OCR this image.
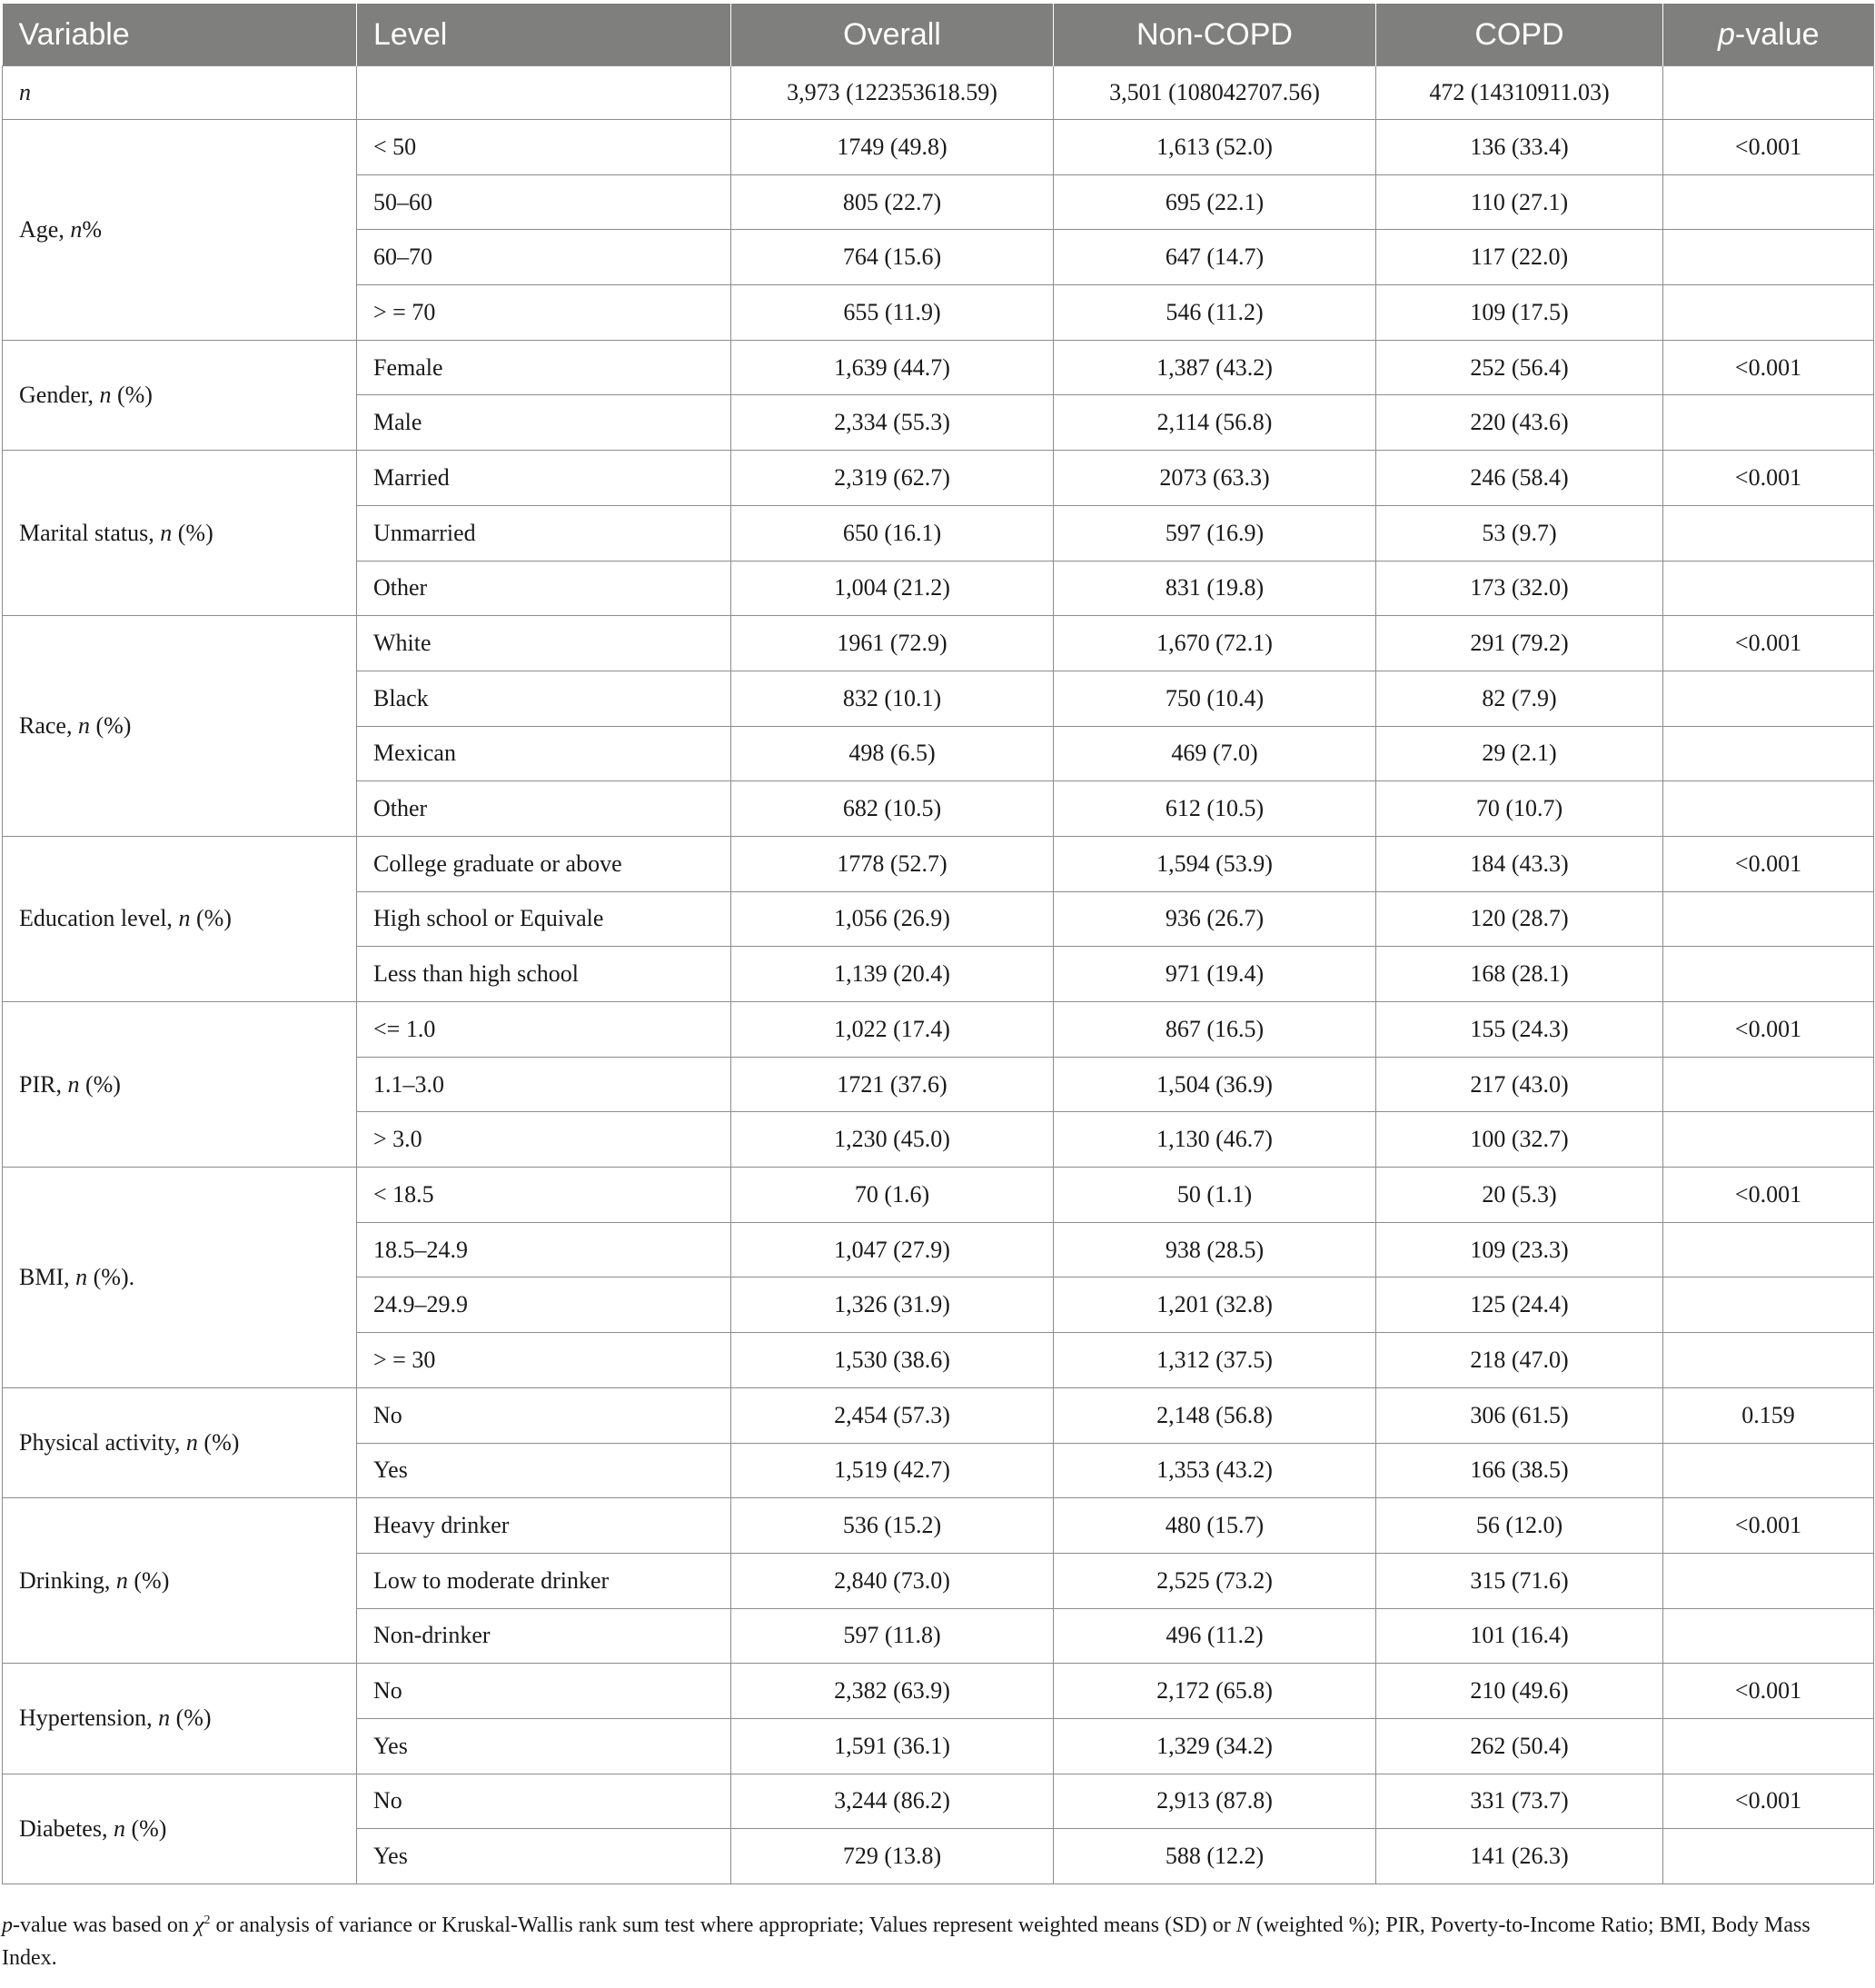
Variable	Level	Overall	Non-COPD	COPD	p-value
n		3,973 (122353618.59)	3,501 (108042707.56)	472 (14310911.03)	
Age, n%	< 50	1749 (49.8)	1,613 (52.0)	136 (33.4)	<0.001
	50–60	805 (22.7)	695 (22.1)	110 (27.1)	
	60–70	764 (15.6)	647 (14.7)	117 (22.0)	
	> = 70	655 (11.9)	546 (11.2)	109 (17.5)	
Gender, n (%)	Female	1,639 (44.7)	1,387 (43.2)	252 (56.4)	<0.001
	Male	2,334 (55.3)	2,114 (56.8)	220 (43.6)	
Marital status, n (%)	Married	2,319 (62.7)	2073 (63.3)	246 (58.4)	<0.001
	Unmarried	650 (16.1)	597 (16.9)	53 (9.7)	
	Other	1,004 (21.2)	831 (19.8)	173 (32.0)	
Race, n (%)	White	1961 (72.9)	1,670 (72.1)	291 (79.2)	<0.001
	Black	832 (10.1)	750 (10.4)	82 (7.9)	
	Mexican	498 (6.5)	469 (7.0)	29 (2.1)	
	Other	682 (10.5)	612 (10.5)	70 (10.7)	
Education level, n (%)	College graduate or above	1778 (52.7)	1,594 (53.9)	184 (43.3)	<0.001
	High school or Equivale	1,056 (26.9)	936 (26.7)	120 (28.7)	
	Less than high school	1,139 (20.4)	971 (19.4)	168 (28.1)	
PIR, n (%)	<= 1.0	1,022 (17.4)	867 (16.5)	155 (24.3)	<0.001
	1.1–3.0	1721 (37.6)	1,504 (36.9)	217 (43.0)	
	> 3.0	1,230 (45.0)	1,130 (46.7)	100 (32.7)	
BMI, n (%).	< 18.5	70 (1.6)	50 (1.1)	20 (5.3)	<0.001
	18.5–24.9	1,047 (27.9)	938 (28.5)	109 (23.3)	
	24.9–29.9	1,326 (31.9)	1,201 (32.8)	125 (24.4)	
	> = 30	1,530 (38.6)	1,312 (37.5)	218 (47.0)	
Physical activity, n (%)	No	2,454 (57.3)	2,148 (56.8)	306 (61.5)	0.159
	Yes	1,519 (42.7)	1,353 (43.2)	166 (38.5)	
Drinking, n (%)	Heavy drinker	536 (15.2)	480 (15.7)	56 (12.0)	<0.001
	Low to moderate drinker	2,840 (73.0)	2,525 (73.2)	315 (71.6)	
	Non-drinker	597 (11.8)	496 (11.2)	101 (16.4)	
Hypertension, n (%)	No	2,382 (63.9)	2,172 (65.8)	210 (49.6)	<0.001
	Yes	1,591 (36.1)	1,329 (34.2)	262 (50.4)	
Diabetes, n (%)	No	3,244 (86.2)	2,913 (87.8)	331 (73.7)	<0.001
	Yes	729 (13.8)	588 (12.2)	141 (26.3)	
p-value was based on $\chi^2$ or analysis of variance or Kruskal-Wallis rank sum test where appropriate; Values represent weighted means (SD) or N (weighted %); PIR, Poverty-to-Income Ratio; BMI, Body Mass Index.
